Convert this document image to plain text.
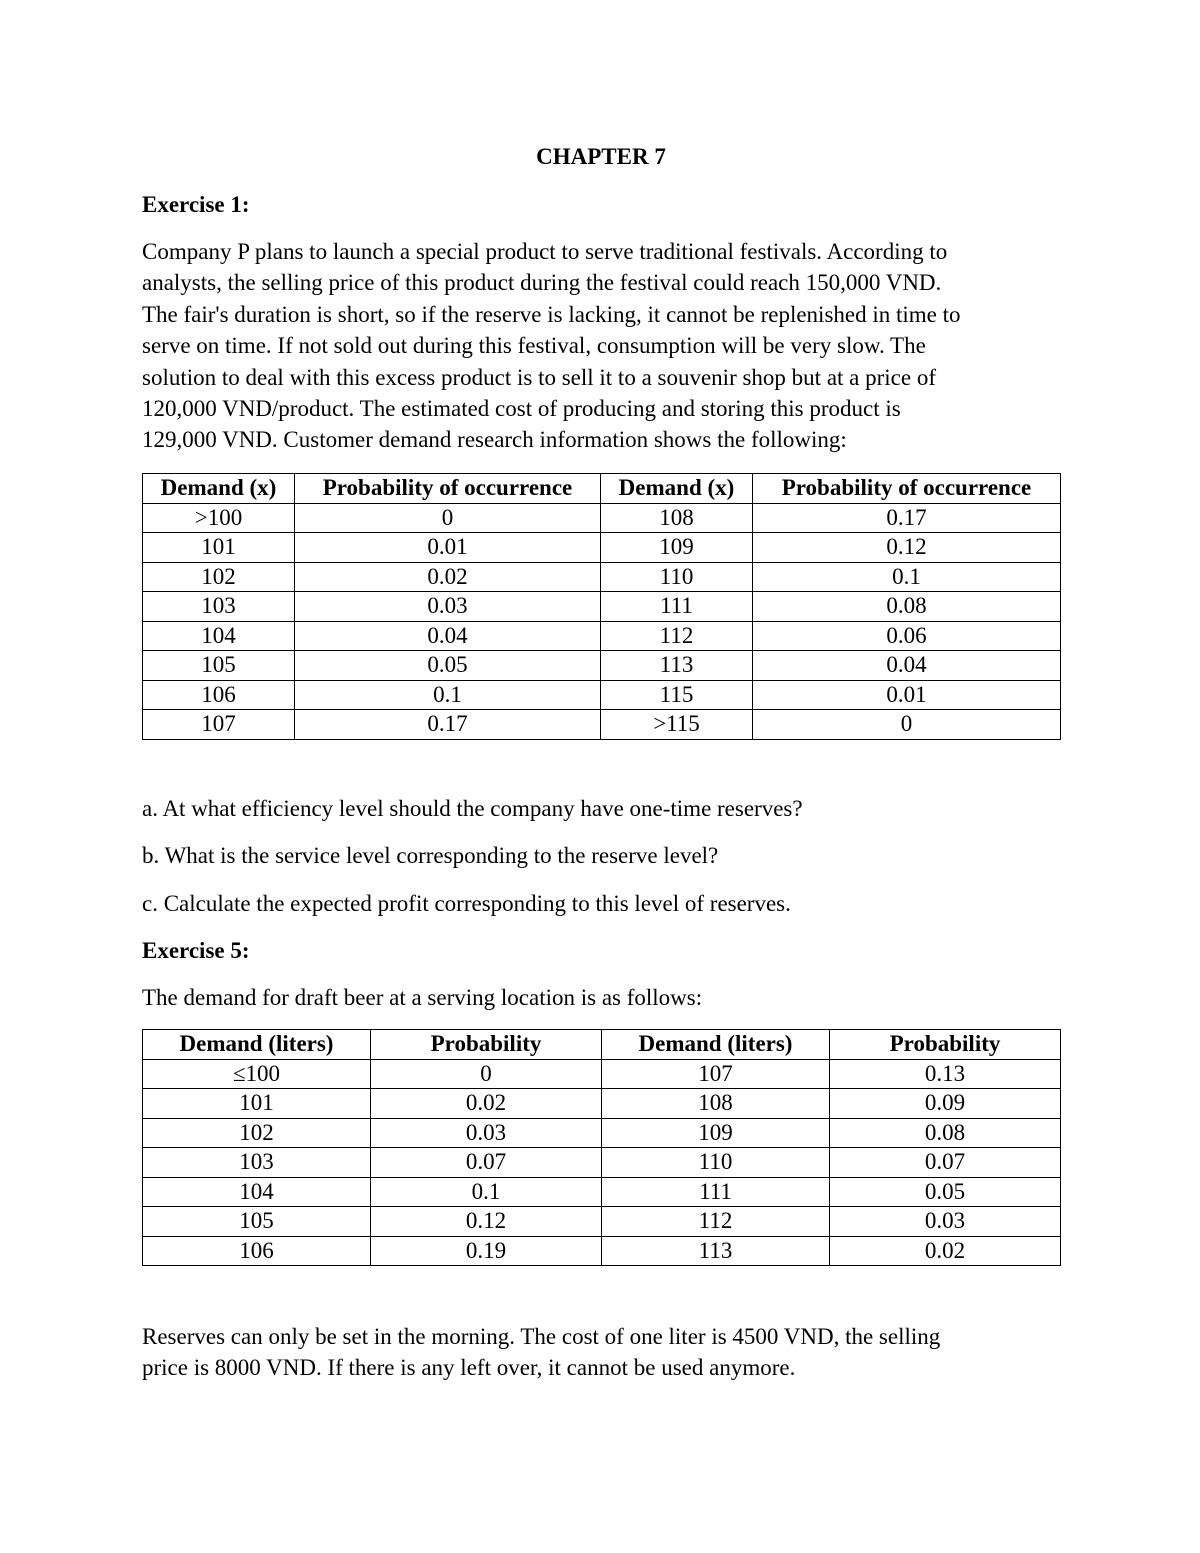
CHAPTER 7
Exercise 1:
Company P plans to launch a special product to serve traditional festivals. According to
analysts, the selling price of this product during the festival could reach 150,000 VND.
The fair's duration is short, so if the reserve is lacking, it cannot be replenished in time to
serve on time. If not sold out during this festival, consumption will be very slow. The
solution to deal with this excess product is to sell it to a souvenir shop but at a price of
120,000 VND/product. The estimated cost of producing and storing this product is
129,000 VND. Customer demand research information shows the following:
Demand (x)	Probability of occurrence	Demand (x)	Probability of occurrence
>100	0	108	0.17
101	0.01	109	0.12
102	0.02	110	0.1
103	0.03	111	0.08
104	0.04	112	0.06
105	0.05	113	0.04
106	0.1	115	0.01
107	0.17	>115	0
a. At what efficiency level should the company have one-time reserves?
b. What is the service level corresponding to the reserve level?
c. Calculate the expected profit corresponding to this level of reserves.
Exercise 5:
The demand for draft beer at a serving location is as follows:
Demand (liters)	Probability	Demand (liters)	Probability
≤100	0	107	0.13
101	0.02	108	0.09
102	0.03	109	0.08
103	0.07	110	0.07
104	0.1	111	0.05
105	0.12	112	0.03
106	0.19	113	0.02
Reserves can only be set in the morning. The cost of one liter is 4500 VND, the selling
price is 8000 VND. If there is any left over, it cannot be used anymore.
